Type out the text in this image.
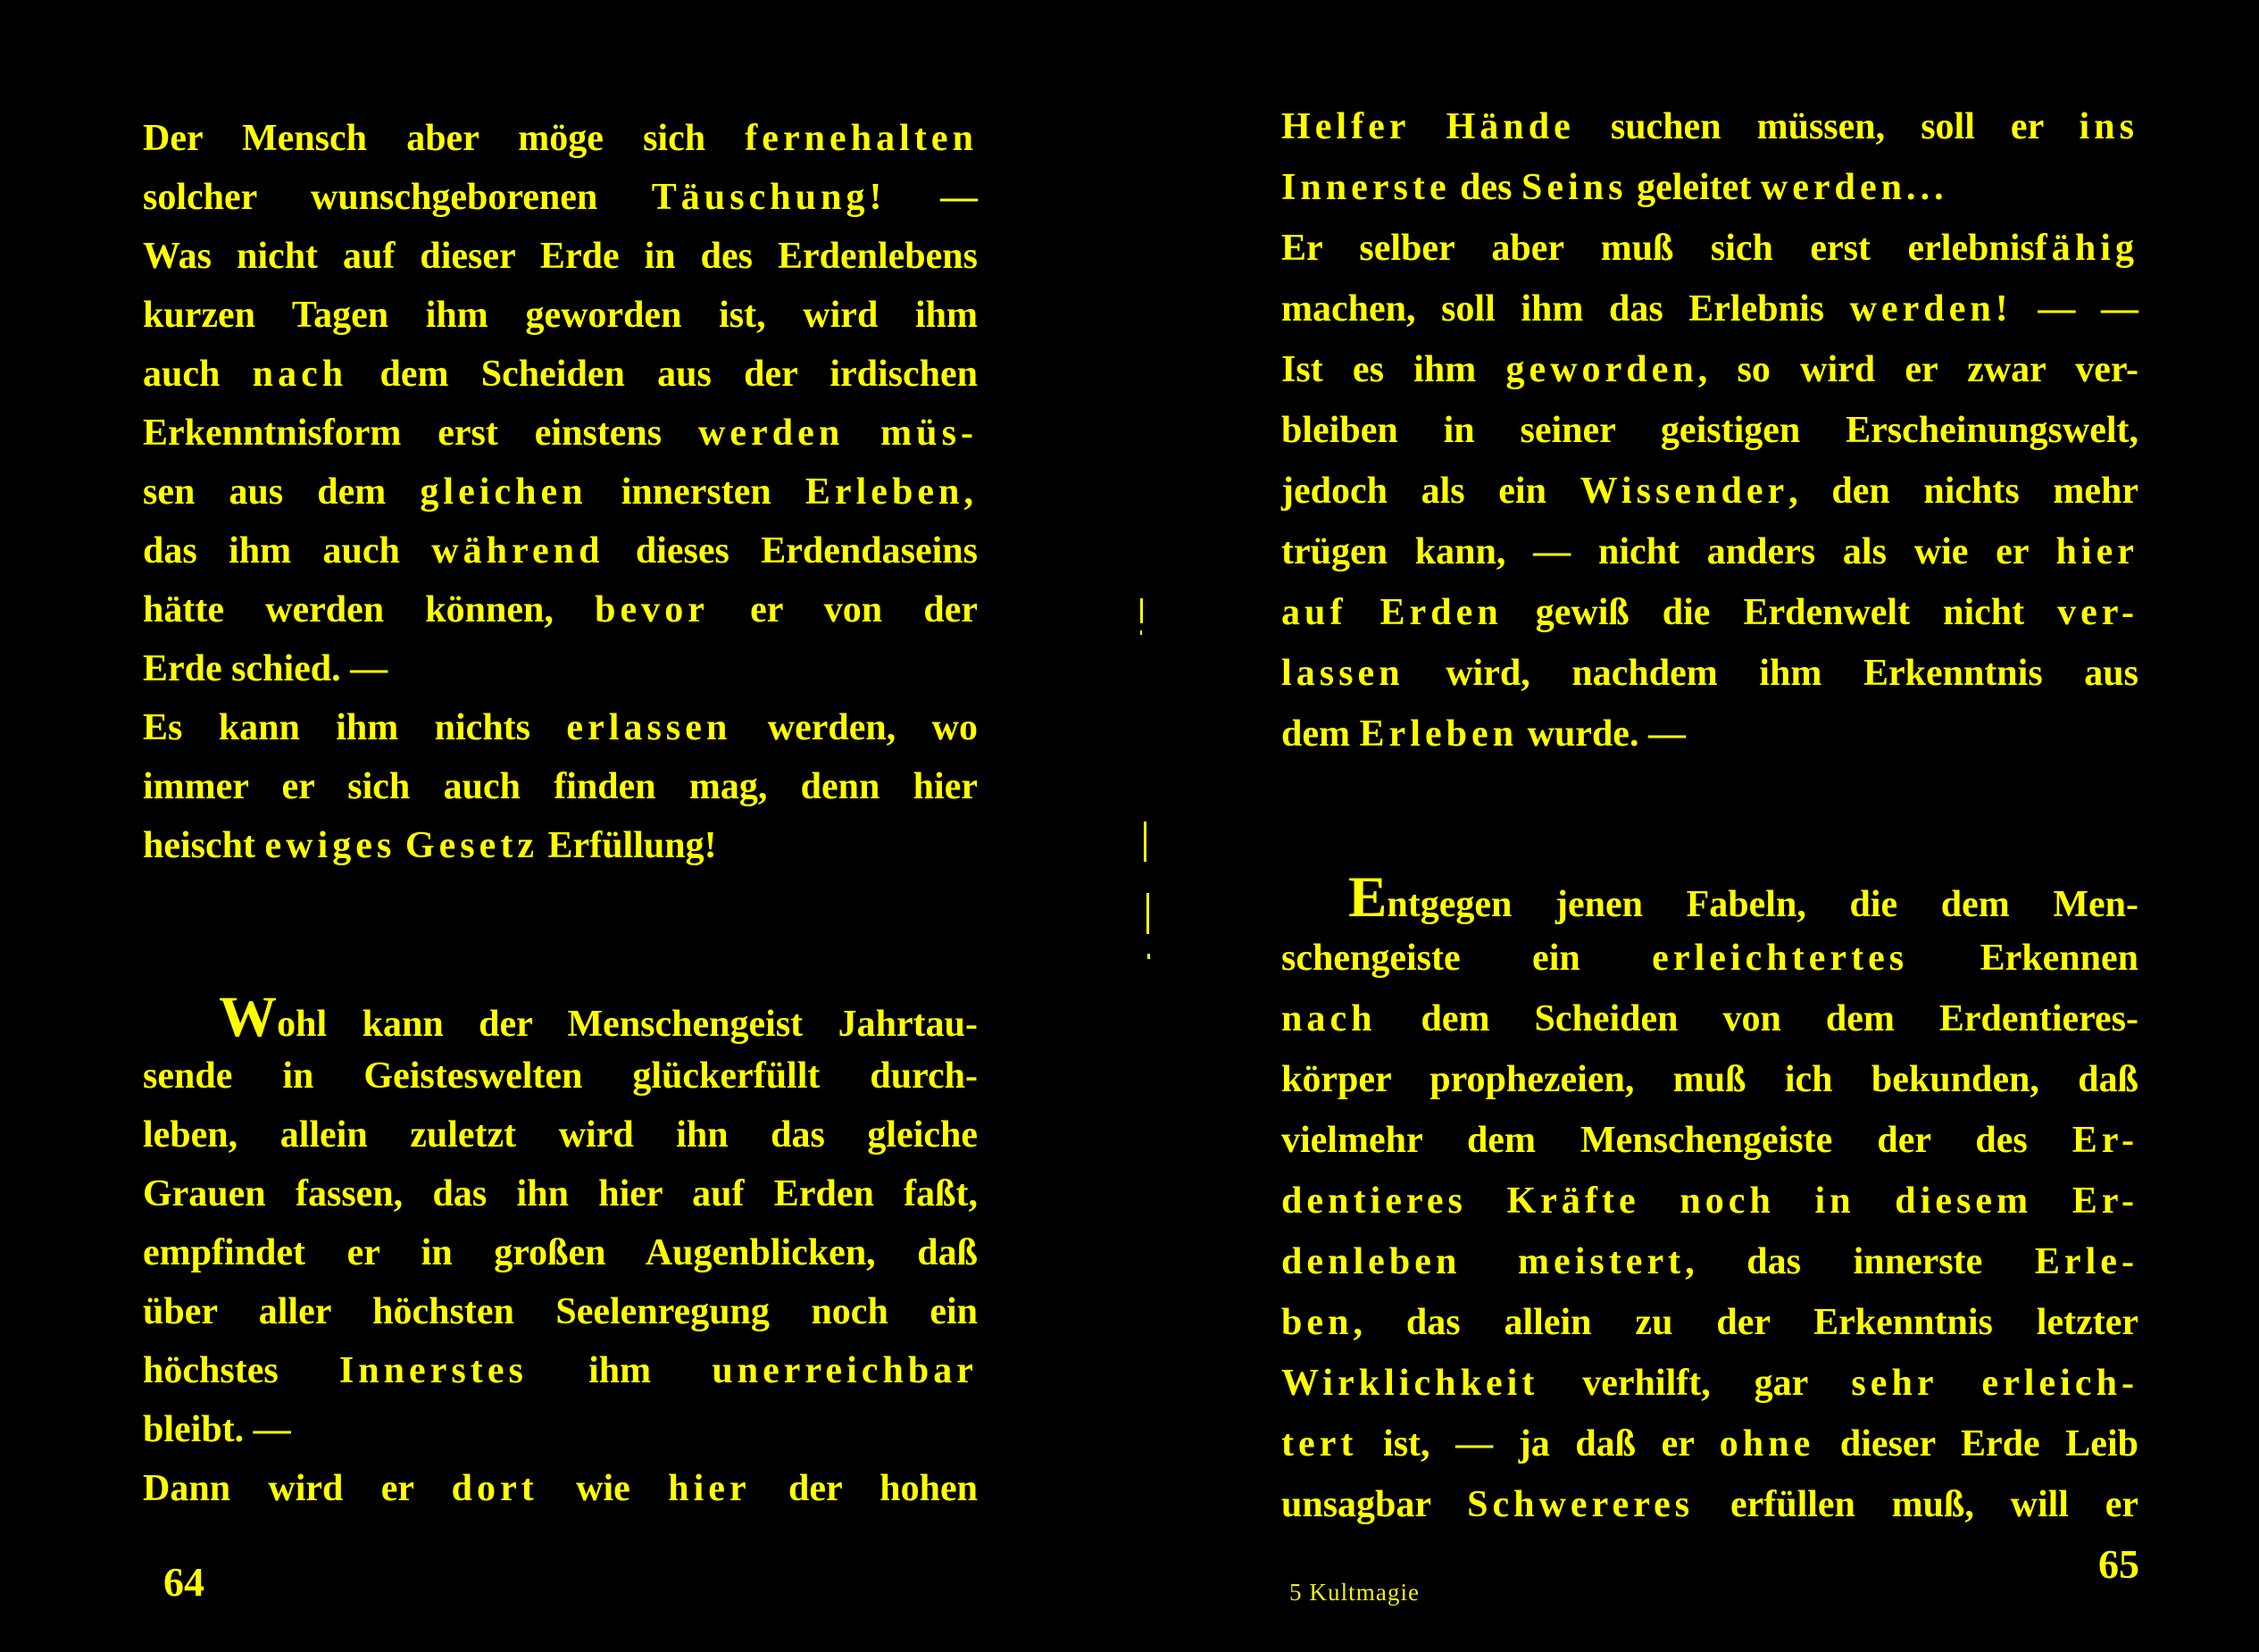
Der Mensch aber möge sich fernehalten
solcher wunschgeborenen Täuschung! —
Was nicht auf dieser Erde in des Erdenlebens
kurzen Tagen ihm geworden ist, wird ihm
auch nach dem Scheiden aus der irdischen
Erkenntnisform erst einstens werden müs-
sen aus dem gleichen innersten Erleben,
das ihm auch während dieses Erdendaseins
hätte werden können, bevor er von der
Erde schied. —
Es kann ihm nichts erlassen werden, wo
immer er sich auch finden mag, denn hier
heischt ewiges Gesetz Erfüllung!
Wohl kann der Menschengeist Jahrtau-
sende in Geisteswelten glückerfüllt durch-
leben, allein zuletzt wird ihn das gleiche
Grauen fassen, das ihn hier auf Erden faßt,
empfindet er in großen Augenblicken, daß
über aller höchsten Seelenregung noch ein
höchstes Innerstes ihm unerreichbar
bleibt. —
Dann wird er dort wie hier der hohen
64
Helfer Hände suchen müssen, soll er ins
Innerste des Seins geleitet werden...
Er selber aber muß sich erst erlebnisfähig
machen, soll ihm das Erlebnis werden! — —
Ist es ihm geworden, so wird er zwar ver-
bleiben in seiner geistigen Erscheinungswelt,
jedoch als ein Wissender, den nichts mehr
trügen kann, — nicht anders als wie er hier
auf Erden gewiß die Erdenwelt nicht ver-
lassen wird, nachdem ihm Erkenntnis aus
dem Erleben wurde. —
Entgegen jenen Fabeln, die dem Men-
schengeiste ein erleichtertes Erkennen
nach dem Scheiden von dem Erdentieres-
körper prophezeien, muß ich bekunden, daß
vielmehr dem Menschengeiste der des Er-
dentieres Kräfte noch in diesem Er-
denleben meistert, das innerste Erle-
ben, das allein zu der Erkenntnis letzter
Wirklichkeit verhilft, gar sehr erleich-
tert ist, — ja daß er ohne dieser Erde Leib
unsagbar Schwereres erfüllen muß, will er
5 Kultmagie
65
